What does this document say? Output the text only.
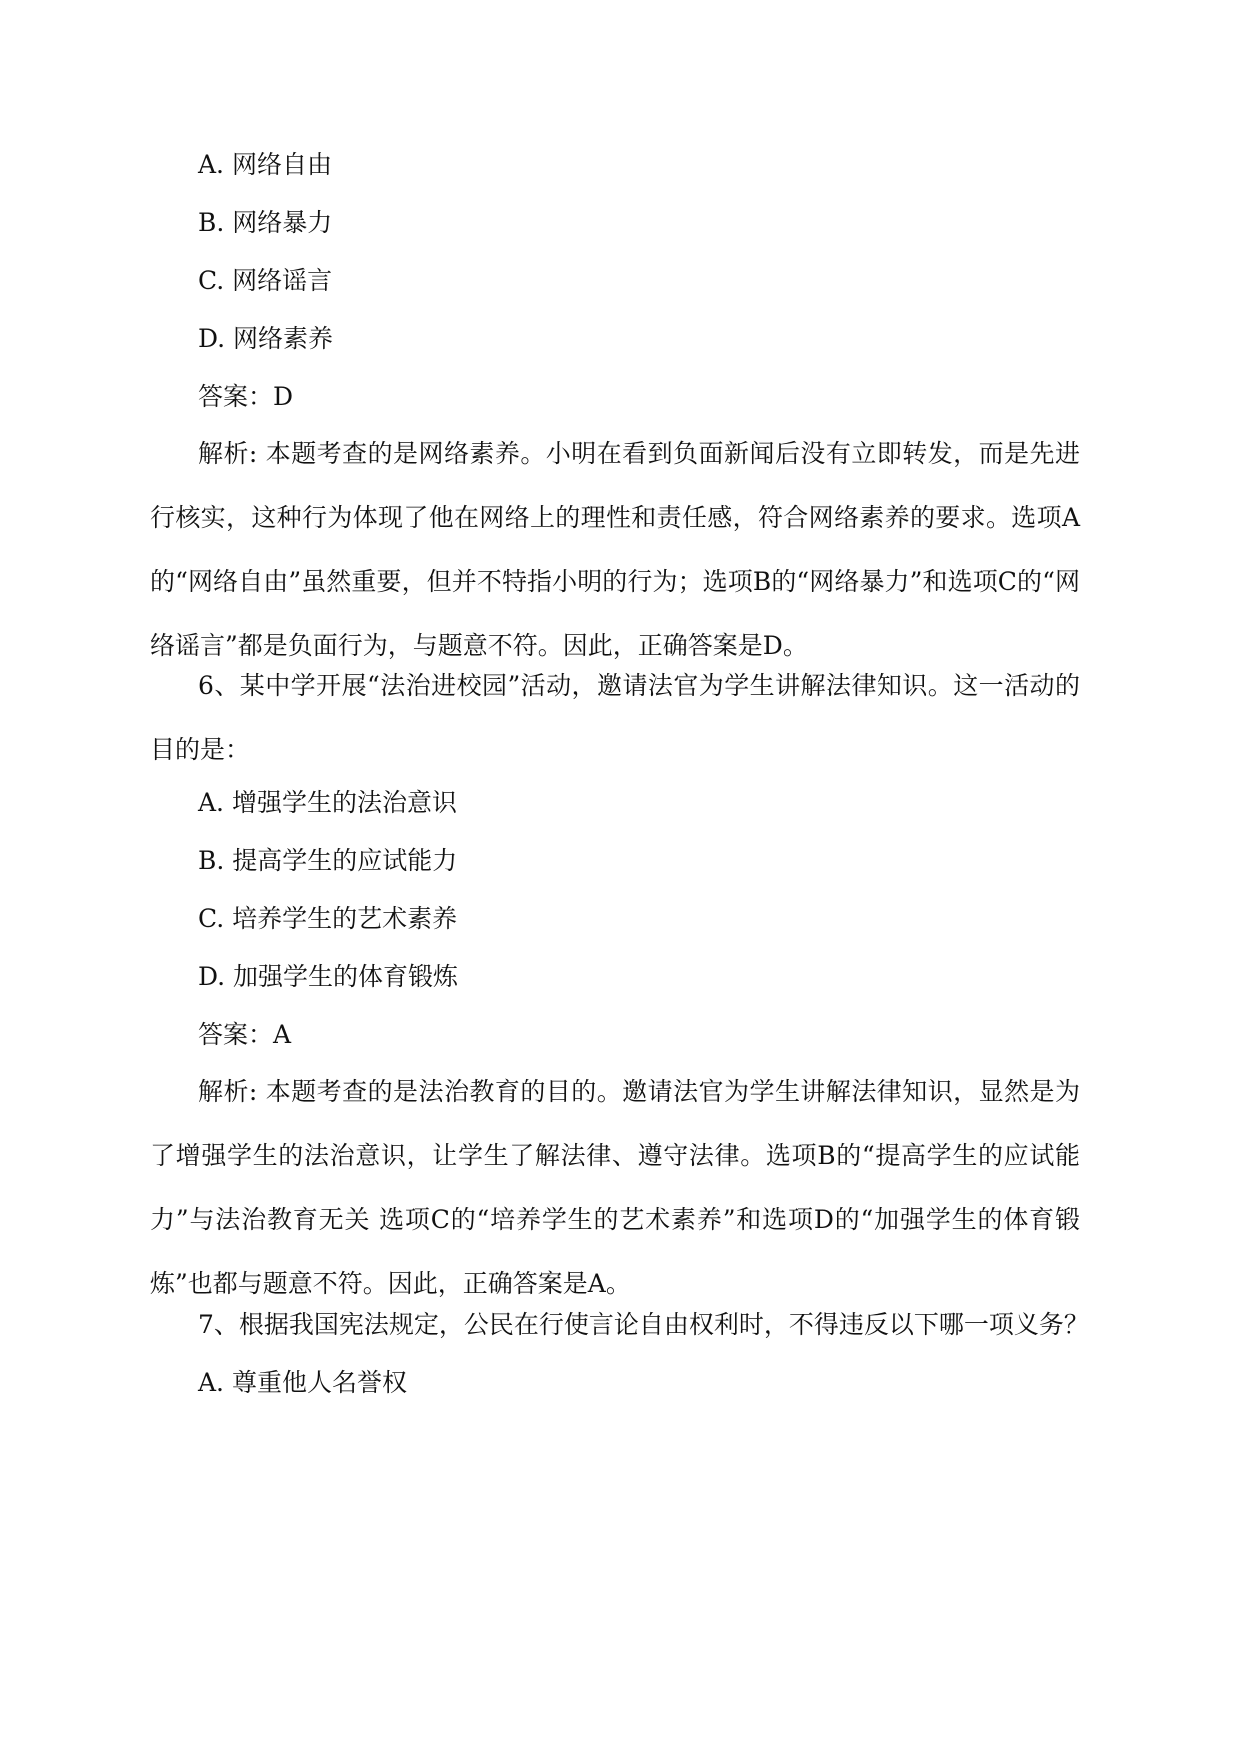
A. 网络自由

B. 网络暴力

C. 网络谣言

D. 网络素养

答案：D

解析: 本题考查的是网络素养。小明在看到负面新闻后没有立即转发，而是先进行核实，这种行为体现了他在网络上的理性和责任感，符合网络素养的要求。选项A的“网络自由”虽然重要，但并不特指小明的行为；选项B的“网络暴力”和选项C的“网络谣言”都是负面行为，与题意不符。因此，正确答案是D。

6、某中学开展“法治进校园”活动，邀请法官为学生讲解法律知识。这一活动的目的是：

A. 增强学生的法治意识

B. 提高学生的应试能力

C. 培养学生的艺术素养

D. 加强学生的体育锻炼

答案：A

解析: 本题考查的是法治教育的目的。邀请法官为学生讲解法律知识，显然是为了增强学生的法治意识，让学生了解法律、遵守法律。选项B的“提高学生的应试能力”与法治教育无关 选项C的“培养学生的艺术素养”和选项D的“加强学生的体育锻炼”也都与题意不符。因此，正确答案是A。

7、根据我国宪法规定，公民在行使言论自由权利时，不得违反以下哪一项义务？

A. 尊重他人名誉权
